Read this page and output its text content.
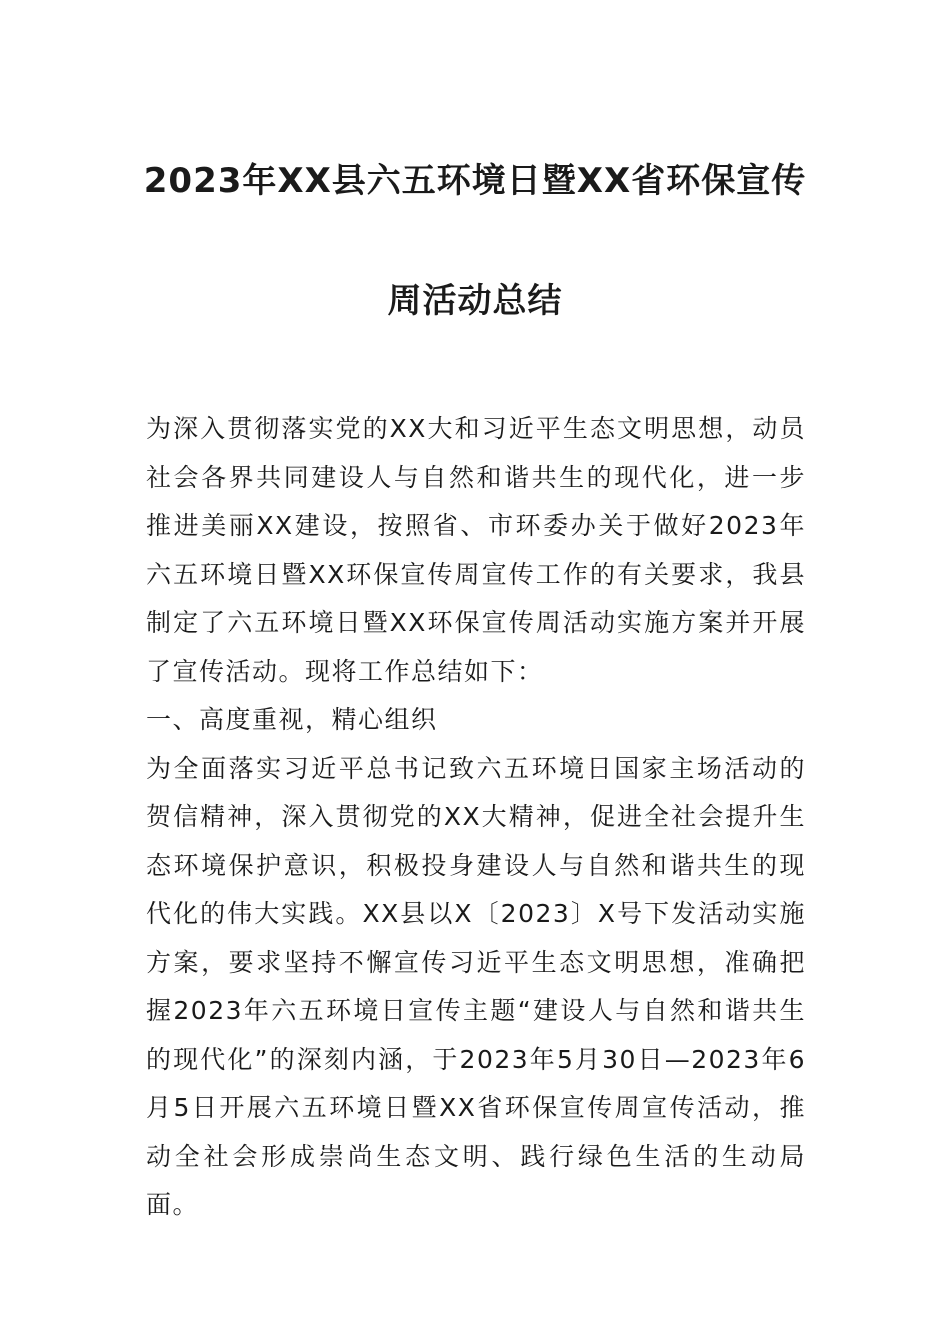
2023年XX县六五环境日暨XX省环保宣传
周活动总结

为深入贯彻落实党的XX大和习近平生态文明思想，动员社会各界共同建设人与自然和谐共生的现代化，进一步推进美丽XX建设，按照省、市环委办关于做好2023年六五环境日暨XX环保宣传周宣传工作的有关要求，我县制定了六五环境日暨XX环保宣传周活动实施方案并开展了宣传活动。现将工作总结如下：

一、高度重视，精心组织

为全面落实习近平总书记致六五环境日国家主场活动的贺信精神，深入贯彻党的XX大精神，促进全社会提升生态环境保护意识，积极投身建设人与自然和谐共生的现代化的伟大实践。XX县以X〔2023〕X号下发活动实施方案，要求坚持不懈宣传习近平生态文明思想，准确把握2023年六五环境日宣传主题“建设人与自然和谐共生的现代化”的深刻内涵，于2023年5月30日—2023年6月5日开展六五环境日暨XX省环保宣传周宣传活动，推动全社会形成崇尚生态文明、践行绿色生活的生动局面。
